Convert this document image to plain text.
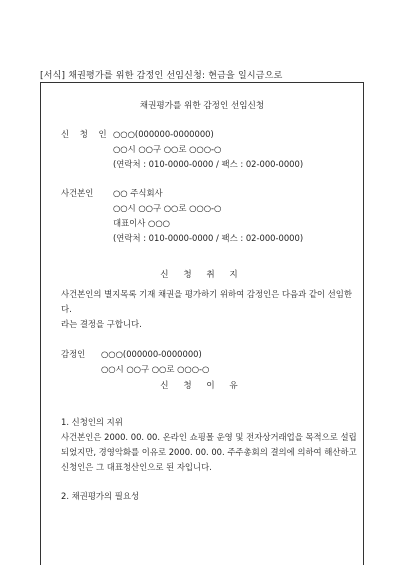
[서식] 채권평가를 위한 감정인 선임신청: 현금을 일시금으로
채권평가를 위한 감정인 선임신청
신 청 인 ○○○(000000-0000000)
○○시 ○○구 ○○로 ○○○-○
(연락처 : 010-0000-0000 / 팩스 : 02-000-0000)
사건본인 ○○ 주식회사
○○시 ○○구 ○○로 ○○○-○
대표이사 ○○○
(연락처 : 010-0000-0000 / 팩스 : 02-000-0000)
신 청 취 지
사건본인의 별지목록 기재 채권을 평가하기 위하여 감정인은 다음과 같이 선임한
다.
라는 결정을 구합니다.
감정인 ○○○(000000-0000000)
○○시 ○○구 ○○로 ○○○-○
신 청 이 유
1. 신청인의 지위
사건본인은 2000. 00. 00. 온라인 쇼핑몰 운영 및 전자상거래업을 목적으로 설립
되었지만, 경영악화를 이유로 2000. 00. 00. 주주총회의 결의에 의하여 해산하고
신청인은 그 대표청산인으로 된 자입니다.
2. 채권평가의 필요성
